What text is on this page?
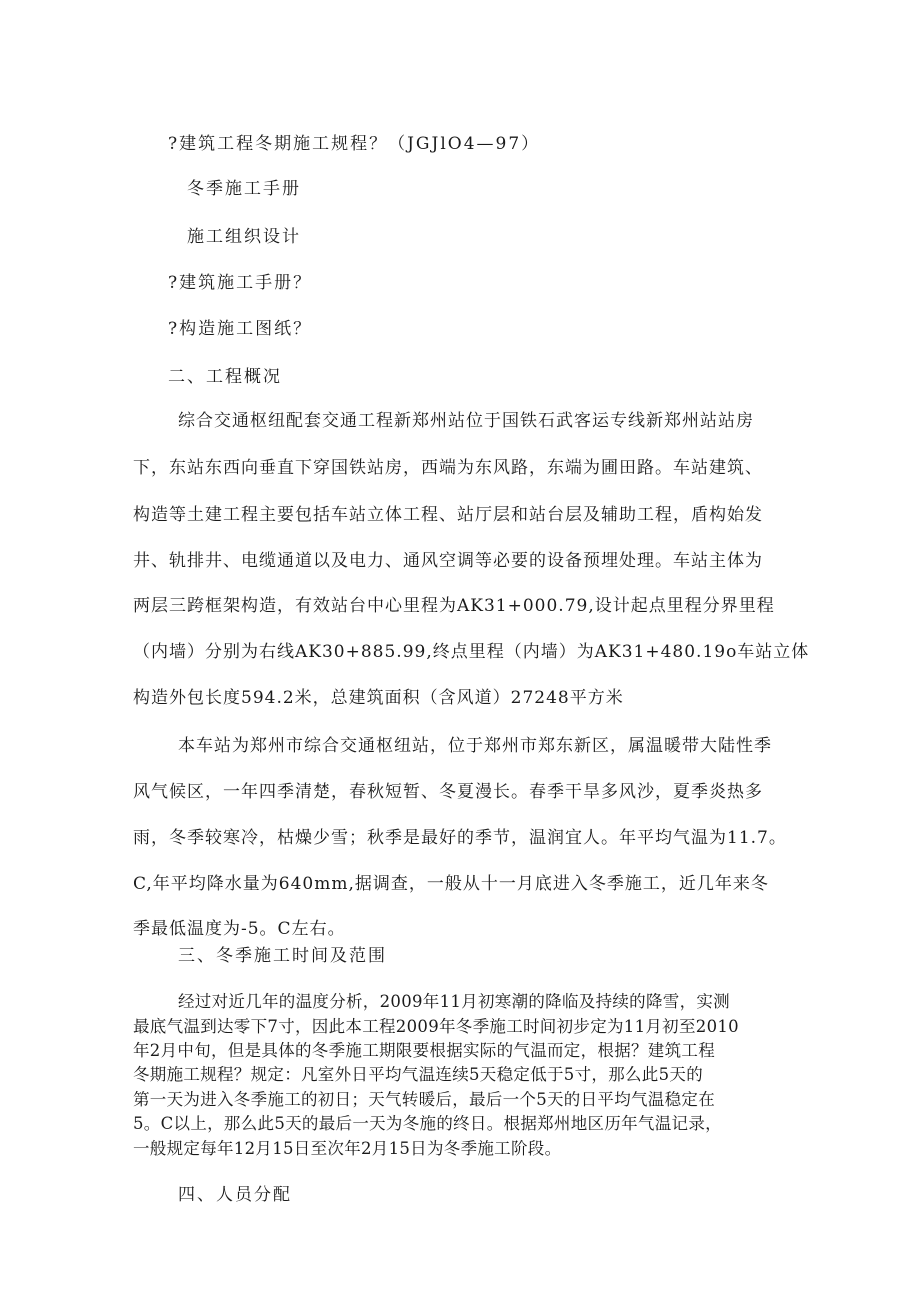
?建筑工程冬期施工规程？（JGJlO4—97）
冬季施工手册
施工组织设计
?建筑施工手册？
?构造施工图纸？
二、工程概况
综合交通枢纽配套交通工程新郑州站位于国铁石武客运专线新郑州站站房
下，东站东西向垂直下穿国铁站房，西端为东风路，东端为圃田路。车站建筑、
构造等土建工程主要包括车站立体工程、站厅层和站台层及辅助工程，盾构始发
井、轨排井、电缆通道以及电力、通风空调等必要的设备预埋处理。车站主体为
两层三跨框架构造，有效站台中心里程为AK31+000.79,设计起点里程分界里程
（内墙）分别为右线AK30+885.99,终点里程（内墙）为AK31+480.19o车站立体
构造外包长度594.2米，总建筑面积（含风道）27248平方米
本车站为郑州市综合交通枢纽站，位于郑州市郑东新区，属温暖带大陆性季
风气候区，一年四季清楚，春秋短暂、冬夏漫长。春季干旱多风沙，夏季炎热多
雨，冬季较寒冷，枯燥少雪；秋季是最好的季节，温润宜人。年平均气温为11.7。
C,年平均降水量为640mm,据调查，一般从十一月底进入冬季施工，近几年来冬
季最低温度为-5。C左右。
三、冬季施工时间及范围
经过对近几年的温度分析，2009年11月初寒潮的降临及持续的降雪，实测
最底气温到达零下7寸，因此本工程2009年冬季施工时间初步定为11月初至2010
年2月中旬，但是具体的冬季施工期限要根据实际的气温而定，根据？建筑工程
冬期施工规程？规定：凡室外日平均气温连续5天稳定低于5寸，那么此5天的
第一天为进入冬季施工的初日；天气转暖后，最后一个5天的日平均气温稳定在
5。C以上，那么此5天的最后一天为冬施的终日。根据郑州地区历年气温记录，
一般规定每年12月15日至次年2月15日为冬季施工阶段。
四、人员分配
